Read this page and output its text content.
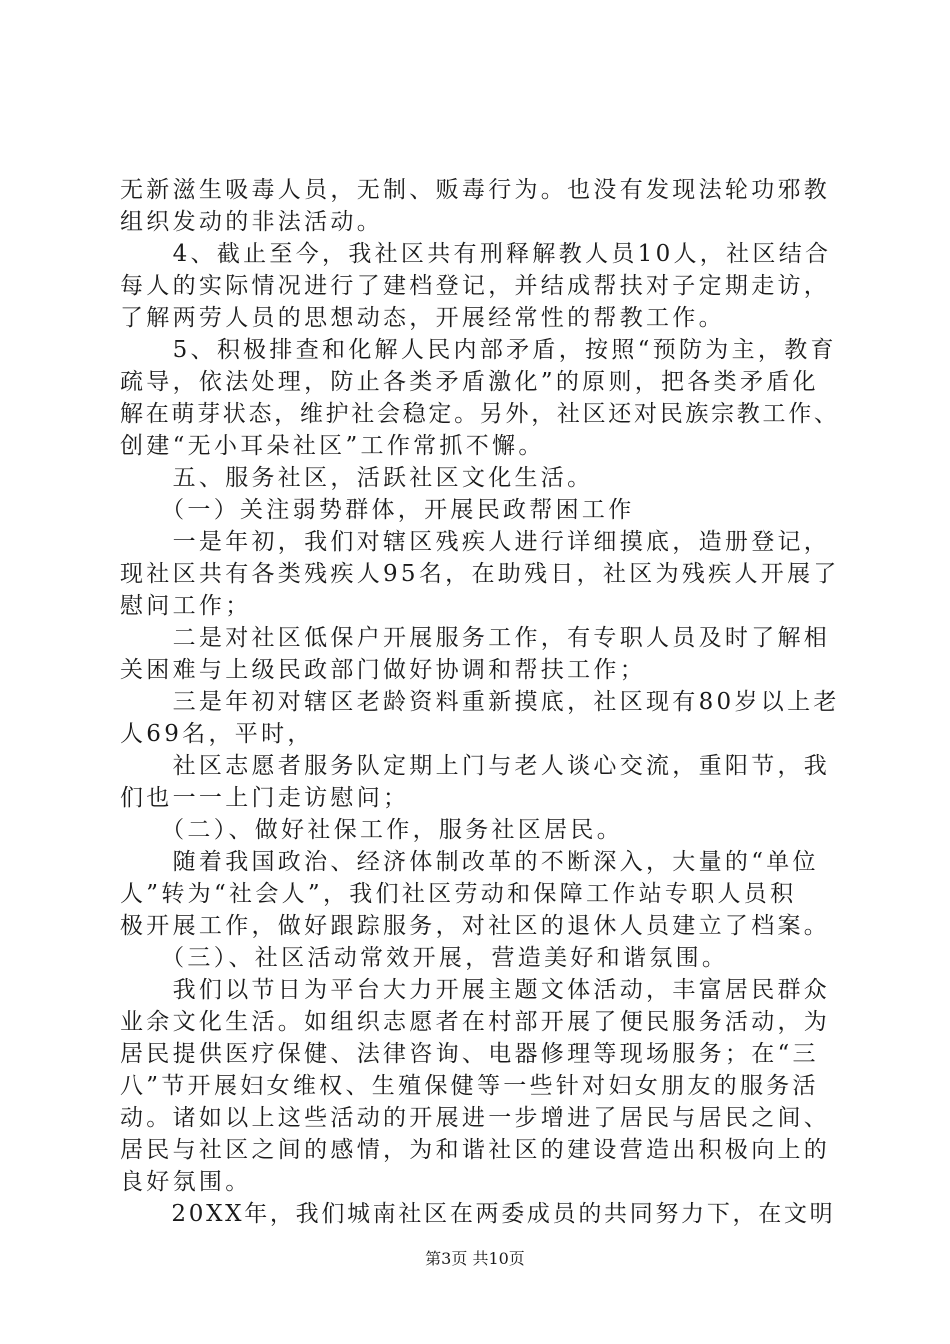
无新滋生吸毒人员，无制、贩毒行为。也没有发现法轮功邪教
组织发动的非法活动。
　　4、截止至今，我社区共有刑释解教人员10人，社区结合
每人的实际情况进行了建档登记，并结成帮扶对子定期走访，
了解两劳人员的思想动态，开展经常性的帮教工作。
　　5、积极排查和化解人民内部矛盾，按照“预防为主，教育
疏导，依法处理，防止各类矛盾激化”的原则，把各类矛盾化
解在萌芽状态，维护社会稳定。另外，社区还对民族宗教工作、
创建“无小耳朵社区”工作常抓不懈。
　　五、服务社区，活跃社区文化生活。
　　（一）关注弱势群体，开展民政帮困工作
　　一是年初，我们对辖区残疾人进行详细摸底，造册登记，
现社区共有各类残疾人95名，在助残日，社区为残疾人开展了
慰问工作；
　　二是对社区低保户开展服务工作，有专职人员及时了解相
关困难与上级民政部门做好协调和帮扶工作；
　　三是年初对辖区老龄资料重新摸底，社区现有80岁以上老
人69名，平时，
　　社区志愿者服务队定期上门与老人谈心交流，重阳节，我
们也一一上门走访慰问；
　　（二）、做好社保工作，服务社区居民。
　　随着我国政治、经济体制改革的不断深入，大量的“单位
人”转为“社会人”，我们社区劳动和保障工作站专职人员积
极开展工作，做好跟踪服务，对社区的退休人员建立了档案。
　　（三）、社区活动常效开展，营造美好和谐氛围。
　　我们以节日为平台大力开展主题文体活动，丰富居民群众
业余文化生活。如组织志愿者在村部开展了便民服务活动，为
居民提供医疗保健、法律咨询、电器修理等现场服务；在“三
八”节开展妇女维权、生殖保健等一些针对妇女朋友的服务活
动。诸如以上这些活动的开展进一步增进了居民与居民之间、
居民与社区之间的感情，为和谐社区的建设营造出积极向上的
良好氛围。
　　20XX年，我们城南社区在两委成员的共同努力下，在文明
第3页 共10页
